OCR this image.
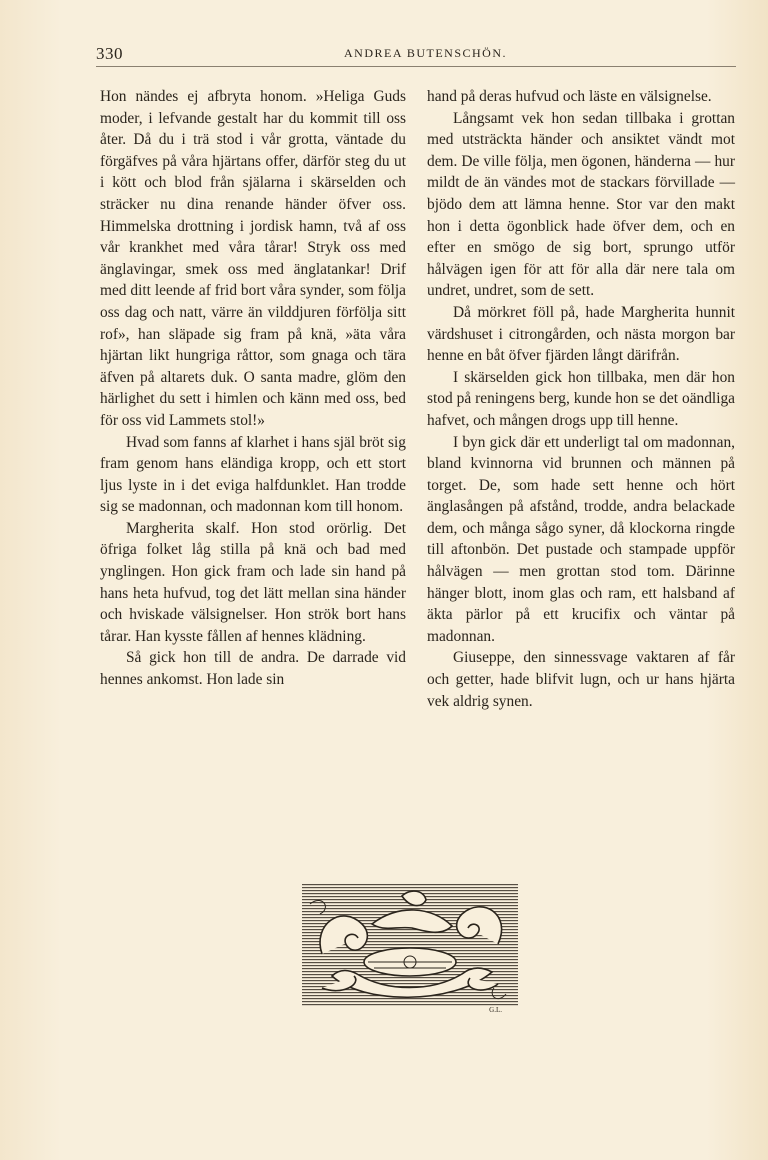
330	ANDREA BUTENSCHÖN.

Hon nändes ej afbryta honom. »Heliga Guds moder, i lefvande gestalt har du kommit till oss åter. Då du i trä stod i vår grotta, väntade du förgäfves på våra hjärtans offer, därför steg du ut i kött och blod från själarna i skärselden och sträcker nu dina renande händer öfver oss. Himmelska drottning i jordisk hamn, två af oss vår krankhet med våra tårar! Stryk oss med änglavingar, smek oss med änglatankar! Drif med ditt leende af frid bort våra synder, som följa oss dag och natt, värre än vilddjuren förfölja sitt rof», han släpade sig fram på knä, »äta våra hjärtan likt hungriga råttor, som gnaga och tära äfven på altarets duk. O santa madre, glöm den härlighet du sett i himlen och känn med oss, bed för oss vid Lammets stol!»

Hvad som fanns af klarhet i hans själ bröt sig fram genom hans eländiga kropp, och ett stort ljus lyste in i det eviga halfdunklet. Han trodde sig se madonnan, och madonnan kom till honom.

Margherita skalf. Hon stod orörlig. Det öfriga folket låg stilla på knä och bad med ynglingen. Hon gick fram och lade sin hand på hans heta hufvud, tog det lätt mellan sina händer och hviskade välsignelser. Hon strök bort hans tårar. Han kysste fållen af hennes klädning.

Så gick hon till de andra. De darrade vid hennes ankomst. Hon lade sin

hand på deras hufvud och läste en välsignelse.

Långsamt vek hon sedan tillbaka i grottan med utsträckta händer och ansiktet vändt mot dem. De ville följa, men ögonen, händerna — hur mildt de än vändes mot de stackars förvillade — bjödo dem att lämna henne. Stor var den makt hon i detta ögonblick hade öfver dem, och en efter en smögo de sig bort, sprungo utför hålvägen igen för att för alla där nere tala om undret, undret, som de sett.

Då mörkret föll på, hade Margherita hunnit värdshuset i citrongården, och nästa morgon bar henne en båt öfver fjärden långt därifrån.

I skärselden gick hon tillbaka, men där hon stod på reningens berg, kunde hon se det oändliga hafvet, och mången drogs upp till henne.

I byn gick där ett underligt tal om madonnan, bland kvinnorna vid brunnen och männen på torget. De, som hade sett henne och hört änglasången på afstånd, trodde, andra belackade dem, och många sågo syner, då klockorna ringde till aftonbön. Det pustade och stampade uppför hålvägen — men grottan stod tom. Därinne hänger blott, inom glas och ram, ett halsband af äkta pärlor på ett krucifix och väntar på madonnan.

Giuseppe, den sinnessvage vaktaren af får och getter, hade blifvit lugn, och ur hans hjärta vek aldrig synen.

G.L.
